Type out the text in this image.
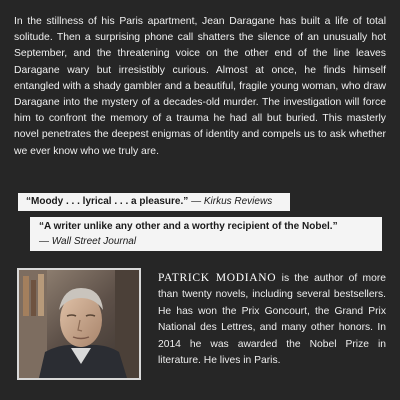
In the stillness of his Paris apartment, Jean Daragane has built a life of total solitude. Then a surprising phone call shatters the silence of an unusually hot September, and the threatening voice on the other end of the line leaves Daragane wary but irresistibly curious. Almost at once, he finds himself entangled with a shady gambler and a beautiful, fragile young woman, who draw Daragane into the mystery of a decades-old murder. The investigation will force him to confront the memory of a trauma he had all but buried. This masterly novel penetrates the deepest enigmas of identity and compels us to ask whether we ever know who we truly are.

“Moody . . . lyrical . . . a pleasure.” — Kirkus Reviews
“A writer unlike any other and a worthy recipient of the Nobel.”
— Wall Street Journal

PATRICK MODIANO is the author of more than twenty novels, including several bestsellers. He has won the Prix Goncourt, the Grand Prix National des Lettres, and many other honors. In 2014 he was awarded the Nobel Prize in literature. He lives in Paris.
